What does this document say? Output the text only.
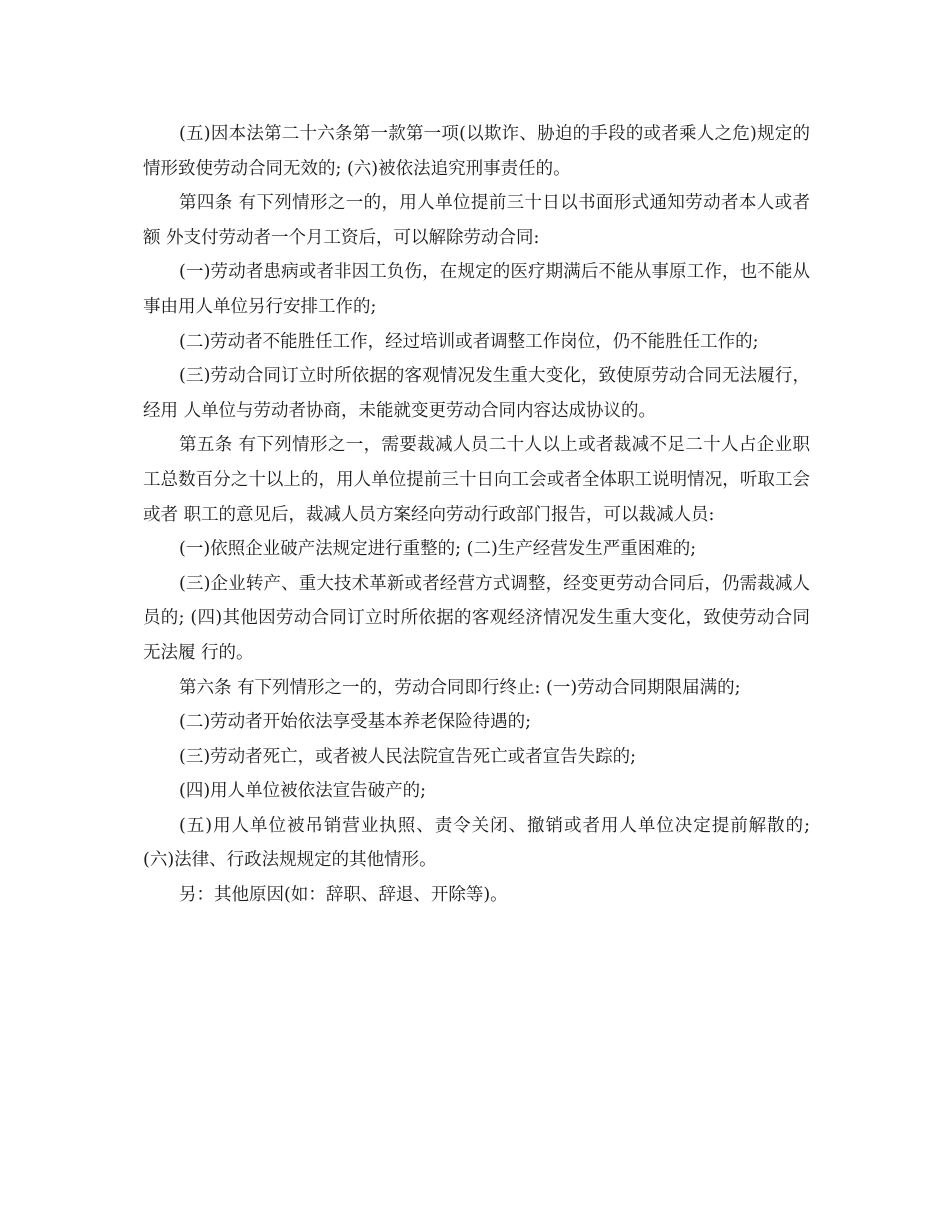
(五)因本法第二十六条第一款第一项(以欺诈、胁迫的手段的或者乘人之危)规定的情形致使劳动合同无效的; (六)被依法追究刑事责任的。

第四条 有下列情形之一的，用人单位提前三十日以书面形式通知劳动者本人或者额 外支付劳动者一个月工资后，可以解除劳动合同:

(一)劳动者患病或者非因工负伤，在规定的医疗期满后不能从事原工作，也不能从事由用人单位另行安排工作的;

(二)劳动者不能胜任工作，经过培训或者调整工作岗位，仍不能胜任工作的;

(三)劳动合同订立时所依据的客观情况发生重大变化，致使原劳动合同无法履行，经用 人单位与劳动者协商，未能就变更劳动合同内容达成协议的。

第五条 有下列情形之一，需要裁减人员二十人以上或者裁减不足二十人占企业职 工总数百分之十以上的，用人单位提前三十日向工会或者全体职工说明情况，听取工会或者 职工的意见后，裁减人员方案经向劳动行政部门报告，可以裁减人员:

(一)依照企业破产法规定进行重整的; (二)生产经营发生严重困难的;

(三)企业转产、重大技术革新或者经营方式调整，经变更劳动合同后，仍需裁减人员的; (四)其他因劳动合同订立时所依据的客观经济情况发生重大变化，致使劳动合同无法履 行的。

第六条 有下列情形之一的，劳动合同即行终止: (一)劳动合同期限届满的;

(二)劳动者开始依法享受基本养老保险待遇的;

(三)劳动者死亡，或者被人民法院宣告死亡或者宣告失踪的;

(四)用人单位被依法宣告破产的;

(五)用人单位被吊销营业执照、责令关闭、撤销或者用人单位决定提前解散的; (六)法律、行政法规规定的其他情形。

另：其他原因(如：辞职、辞退、开除等)。
